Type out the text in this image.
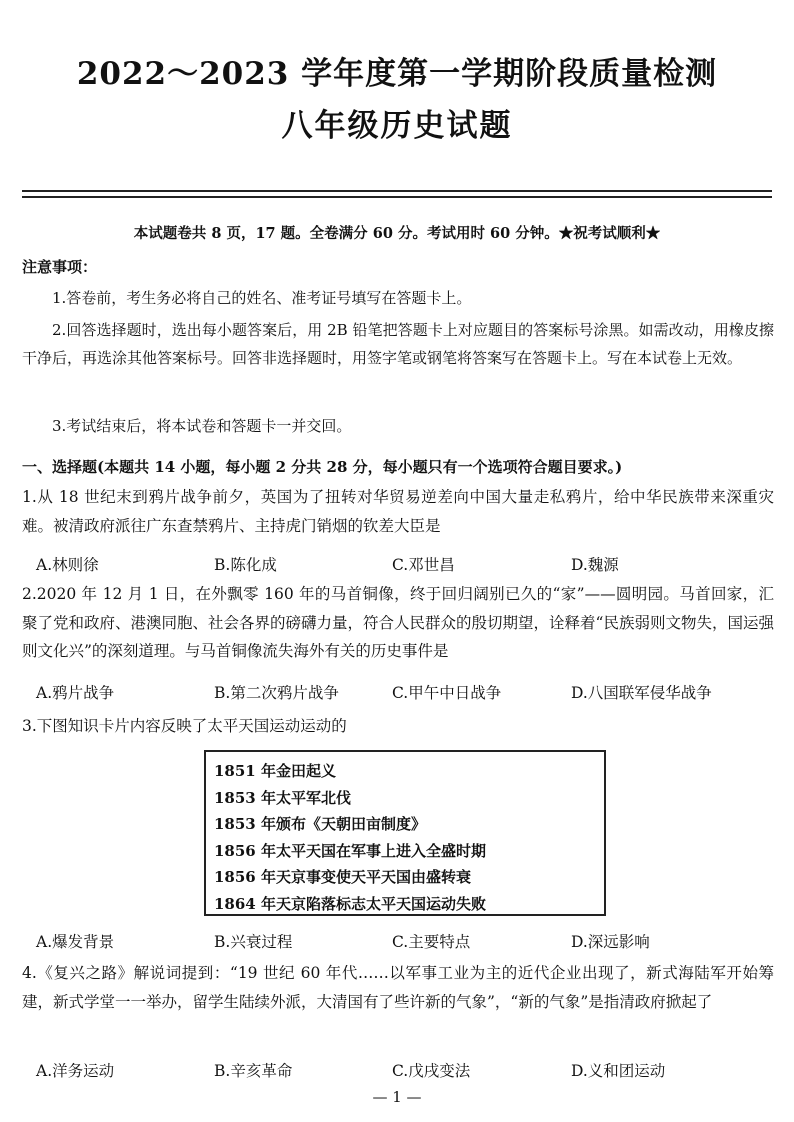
2022～2023 学年度第一学期阶段质量检测
八年级历史试题
本试题卷共 8 页，17 题。全卷满分 60 分。考试用时 60 分钟。★祝考试顺利★
注意事项：
1.答卷前，考生务必将自己的姓名、准考证号填写在答题卡上。
2.回答选择题时，选出每小题答案后，用 2B 铅笔把答题卡上对应题目的答案标号涂黑。如需改动，用橡皮擦干净后，再选涂其他答案标号。回答非选择题时，用签字笔或钢笔将答案写在答题卡上。写在本试卷上无效。
3.考试结束后，将本试卷和答题卡一并交回。
一、选择题(本题共 14 小题，每小题 2 分共 28 分，每小题只有一个选项符合题目要求。)
1.从 18 世纪末到鸦片战争前夕，英国为了扭转对华贸易逆差向中国大量走私鸦片，给中华民族带来深重灾难。被清政府派往广东查禁鸦片、主持虎门销烟的钦差大臣是
A.林则徐	B.陈化成	C.邓世昌	D.魏源
2.2020 年 12 月 1 日，在外飘零 160 年的马首铜像，终于回归阔别已久的“家”——圆明园。马首回家，汇聚了党和政府、港澳同胞、社会各界的磅礴力量，符合人民群众的殷切期望，诠释着“民族弱则文物失，国运强则文化兴”的深刻道理。与马首铜像流失海外有关的历史事件是
A.鸦片战争	B.第二次鸦片战争	C.甲午中日战争	D.八国联军侵华战争
3.下图知识卡片内容反映了太平天国运动运动的
1851 年金田起义
1853 年太平军北伐
1853 年颁布《天朝田亩制度》
1856 年太平天国在军事上进入全盛时期
1856 年天京事变使天平天国由盛转衰
1864 年天京陷落标志太平天国运动失败
A.爆发背景	B.兴衰过程	C.主要特点	D.深远影响
4.《复兴之路》解说词提到：“19 世纪 60 年代……以军事工业为主的近代企业出现了，新式海陆军开始筹建，新式学堂一一举办，留学生陆续外派，大清国有了些许新的气象”，“新的气象”是指清政府掀起了
A.洋务运动	B.辛亥革命	C.戊戌变法	D.义和团运动
— 1 —
